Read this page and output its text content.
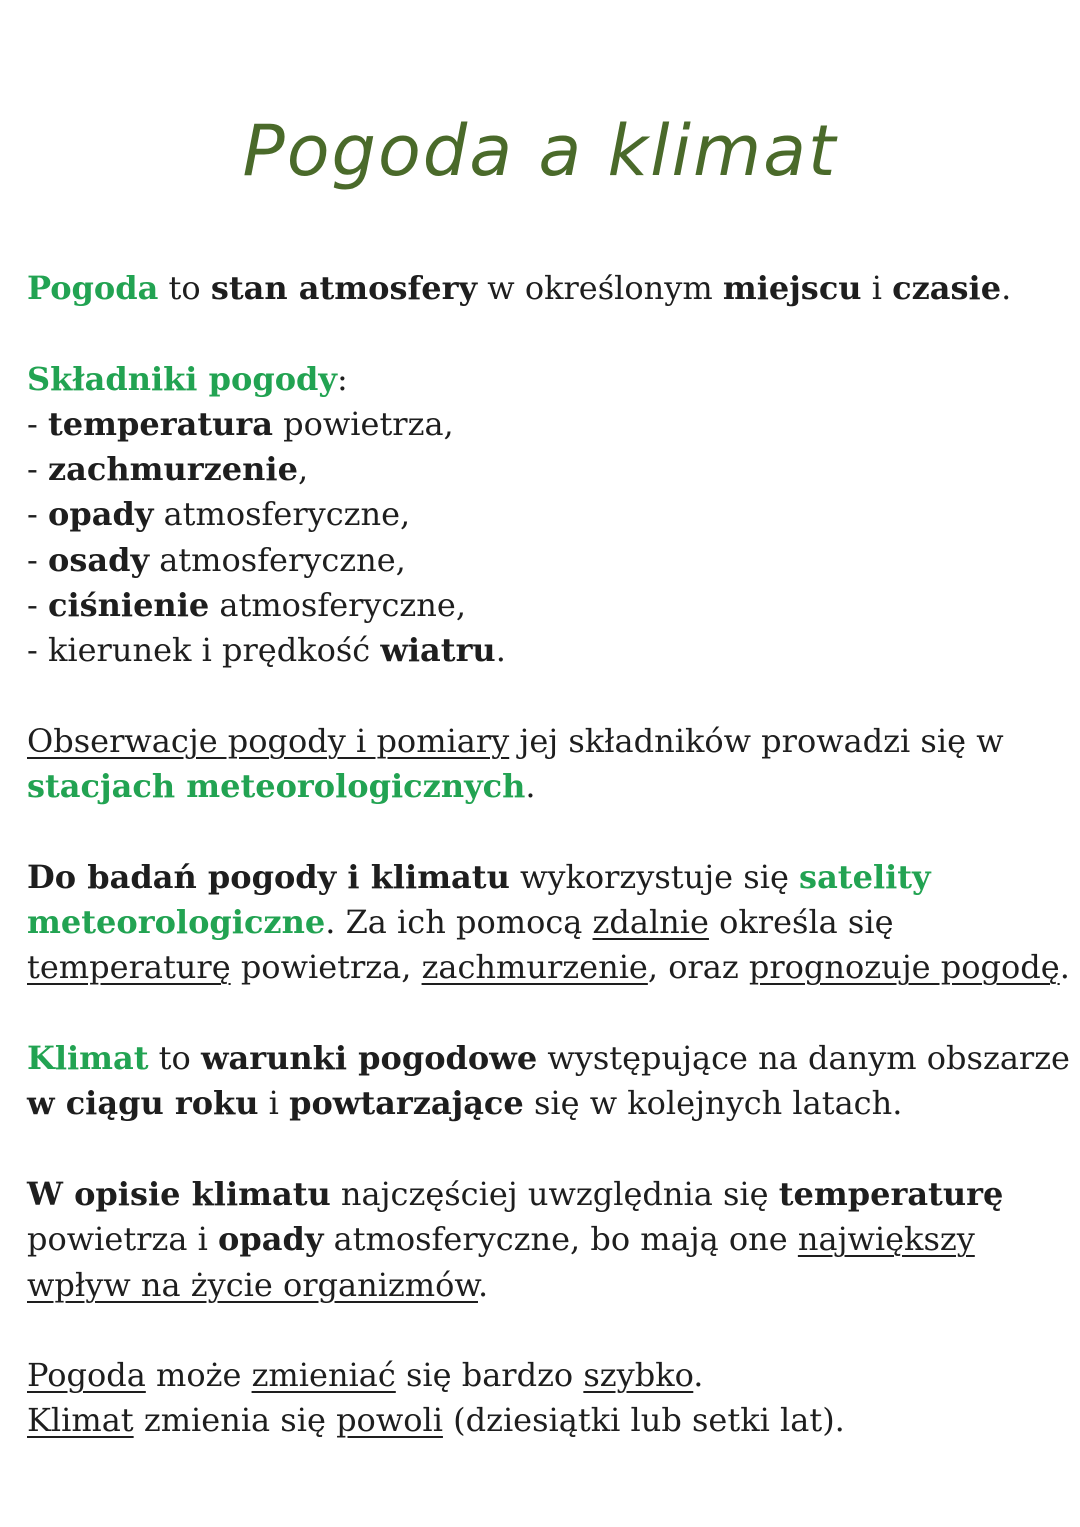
Pogoda a klimat

Pogoda to stan atmosfery w określonym miejscu i czasie.

Składniki pogody:
- temperatura powietrza,
- zachmurzenie,
- opady atmosferyczne,
- osady atmosferyczne,
- ciśnienie atmosferyczne,
- kierunek i prędkość wiatru.
Obserwacje pogody i pomiary jej składników prowadzi się w
stacjach meteorologicznych.
Do badań pogody i klimatu wykorzystuje się satelity
meteorologiczne. Za ich pomocą zdalnie określa się
temperaturę powietrza, zachmurzenie, oraz prognozuje pogodę.
Klimat to warunki pogodowe występujące na danym obszarze
w ciągu roku i powtarzające się w kolejnych latach.
W opisie klimatu najczęściej uwzględnia się temperaturę
powietrza i opady atmosferyczne, bo mają one największy
wpływ na życie organizmów.
Pogoda może zmieniać się bardzo szybko.
Klimat zmienia się powoli (dziesiątki lub setki lat).
